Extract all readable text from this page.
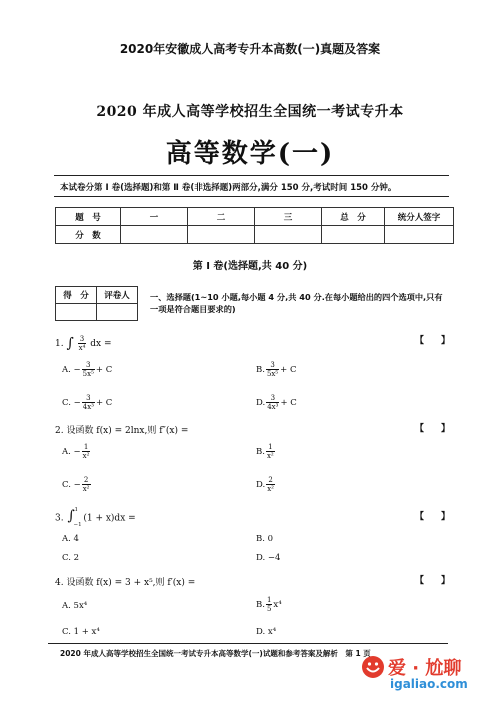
2020年安徽成人高考专升本高数(一)真题及答案
2020 年成人高等学校招生全国统一考试专升本
高等数学(一)
本试卷分第 Ⅰ 卷(选择题)和第 Ⅱ 卷(非选择题)两部分,满分 150 分,考试时间 150 分钟。
题　号	一	二	三	总　分	统分人签字
分　数					
第 Ⅰ 卷(选择题,共 40 分)
得　分	评卷人
	一、选择题(1~10 小题,每小题 4 分,共 40 分.在每小题给出的四个选项中,只有一项是符合题目要求的)
1. ∫ $\frac{3}{\text{x⁴}}$ dx =	【　】
A. − $\frac{3}{\text{5x⁵}} + C$	B. $\frac{3}{\text{5x⁵}} + C$
C. − $\frac{3}{\text{4x³}} + C$	D. $\frac{3}{\text{4x³}} + C$
2. 设函数 f(x) = 2lnx,则 f″(x) =	【　】
A. − $\frac{1}{\text{x²}}$	B. $\frac{1}{\text{x²}}$
C. − $\frac{2}{\text{x²}}$	D. $\frac{2}{\text{x²}}$
3. ∫ 1
−1
(1 + x)dx =	【　】
A. 4	B. 0
C. 2	D. −4
4. 设函数 f(x) = 3 + x⁵,则 f′(x) =	【　】
A. 5x⁴	B. $\frac{1}{5} x^4$
C. 1 + x⁴	D. x⁴
2020 年成人高等学校招生全国统一考试专升本高等数学(一)试题和参考答案及解析　第 1 页
爱 · 尬聊
igaliao.com
